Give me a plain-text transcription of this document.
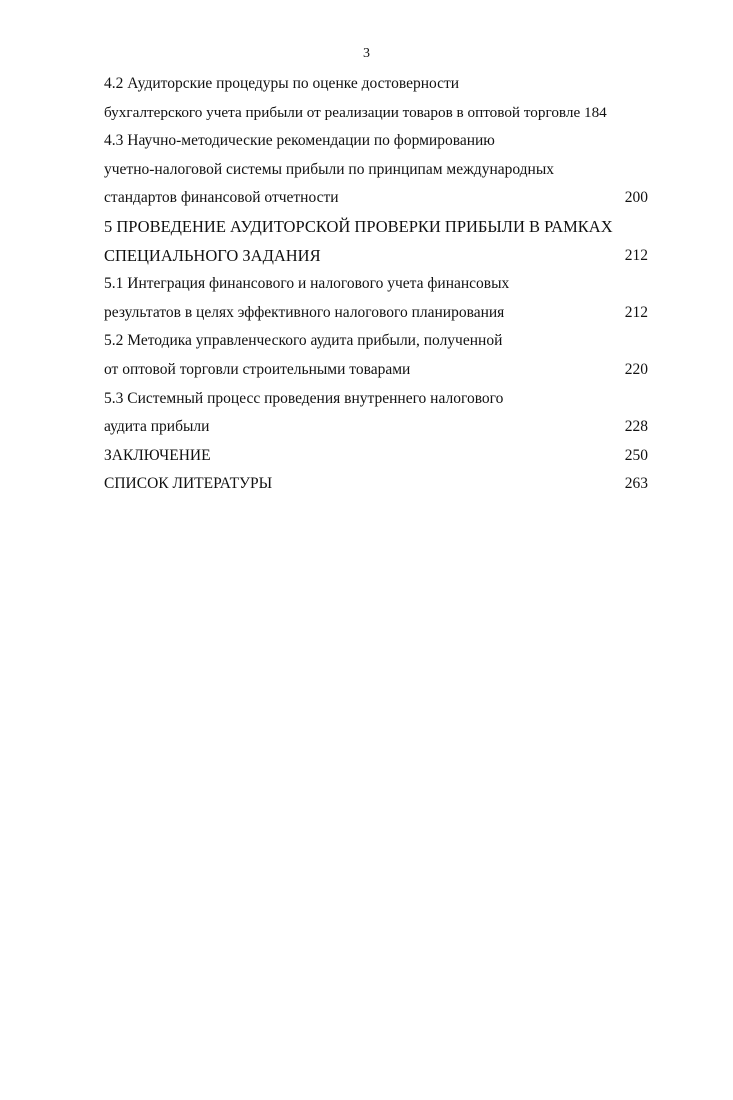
3
4.2 Аудиторские процедуры по оценке достоверности
бухгалтерского учета прибыли от реализации товаров в оптовой торговле 184
4.3 Научно-методические рекомендации по формированию
учетно-налоговой системы прибыли по принципам международных
стандартов финансовой отчетности	200
5 ПРОВЕДЕНИЕ АУДИТОРСКОЙ ПРОВЕРКИ ПРИБЫЛИ В РАМКАХ
СПЕЦИАЛЬНОГО ЗАДАНИЯ	212
5.1 Интеграция финансового и налогового учета финансовых
результатов в целях эффективного налогового планирования	212
5.2 Методика управленческого аудита прибыли, полученной
от оптовой торговли строительными товарами	220
5.3 Системный процесс проведения внутреннего налогового
аудита прибыли	228
ЗАКЛЮЧЕНИЕ	250
СПИСОК ЛИТЕРАТУРЫ	263
